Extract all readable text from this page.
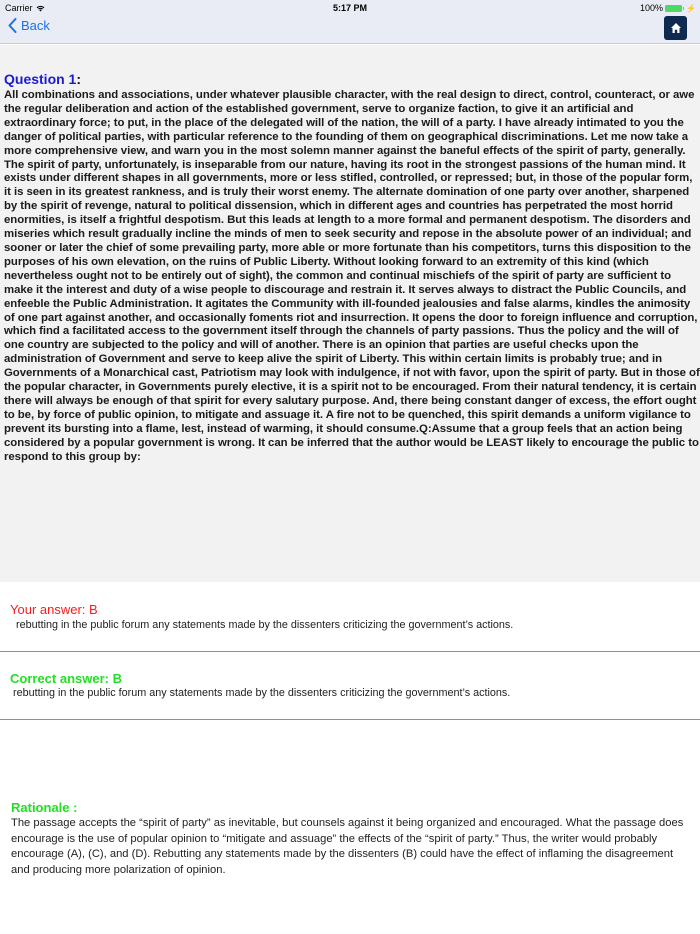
Carrier	5:17 PM	100%	⚡
Back
Question 1:
All combinations and associations, under whatever plausible character, with the real design to direct, control, counteract, or awe the regular deliberation and action of the established government, serve to organize faction, to give it an artificial and extraordinary force; to put, in the place of the delegated will of the nation, the will of a party. I have already intimated to you the danger of political parties, with particular reference to the founding of them on geographical discriminations. Let me now take a more comprehensive view, and warn you in the most solemn manner against the baneful effects of the spirit of party, generally. The spirit of party, unfortunately, is inseparable from our nature, having its root in the strongest passions of the human mind. It exists under different shapes in all governments, more or less stifled, controlled, or repressed; but, in those of the popular form, it is seen in its greatest rankness, and is truly their worst enemy. The alternate domination of one party over another, sharpened by the spirit of revenge, natural to political dissension, which in different ages and countries has perpetrated the most horrid enormities, is itself a frightful despotism. But this leads at length to a more formal and permanent despotism. The disorders and miseries which result gradually incline the minds of men to seek security and repose in the absolute power of an individual; and sooner or later the chief of some prevailing party, more able or more fortunate than his competitors, turns this disposition to the purposes of his own elevation, on the ruins of Public Liberty. Without looking forward to an extremity of this kind (which nevertheless ought not to be entirely out of sight), the common and continual mischiefs of the spirit of party are sufficient to make it the interest and duty of a wise people to discourage and restrain it. It serves always to distract the Public Councils, and enfeeble the Public Administration. It agitates the Community with ill-founded jealousies and false alarms, kindles the animosity of one part against another, and occasionally foments riot and insurrection. It opens the door to foreign influence and corruption, which find a facilitated access to the government itself through the channels of party passions. Thus the policy and the will of one country are subjected to the policy and will of another. There is an opinion that parties are useful checks upon the administration of Government and serve to keep alive the spirit of Liberty. This within certain limits is probably true; and in Governments of a Monarchical cast, Patriotism may look with indulgence, if not with favor, upon the spirit of party. But in those of the popular character, in Governments purely elective, it is a spirit not to be encouraged. From their natural tendency, it is certain there will always be enough of that spirit for every salutary purpose. And, there being constant danger of excess, the effort ought to be, by force of public opinion, to mitigate and assuage it. A fire not to be quenched, this spirit demands a uniform vigilance to prevent its bursting into a flame, lest, instead of warming, it should consume.Q:Assume that a group feels that an action being considered by a popular government is wrong. It can be inferred that the author would be LEAST likely to encourage the public to respond to this group by:
Your answer: B
rebutting in the public forum any statements made by the dissenters criticizing the government’s actions.
Correct answer: B
rebutting in the public forum any statements made by the dissenters criticizing the government’s actions.
Rationale :
The passage accepts the “spirit of party” as inevitable, but counsels against it being organized and encouraged. What the passage does encourage is the use of popular opinion to “mitigate and assuage” the effects of the “spirit of party.” Thus, the writer would probably encourage (A), (C), and (D). Rebutting any statements made by the dissenters (B) could have the effect of inflaming the disagreement and producing more polarization of opinion.
